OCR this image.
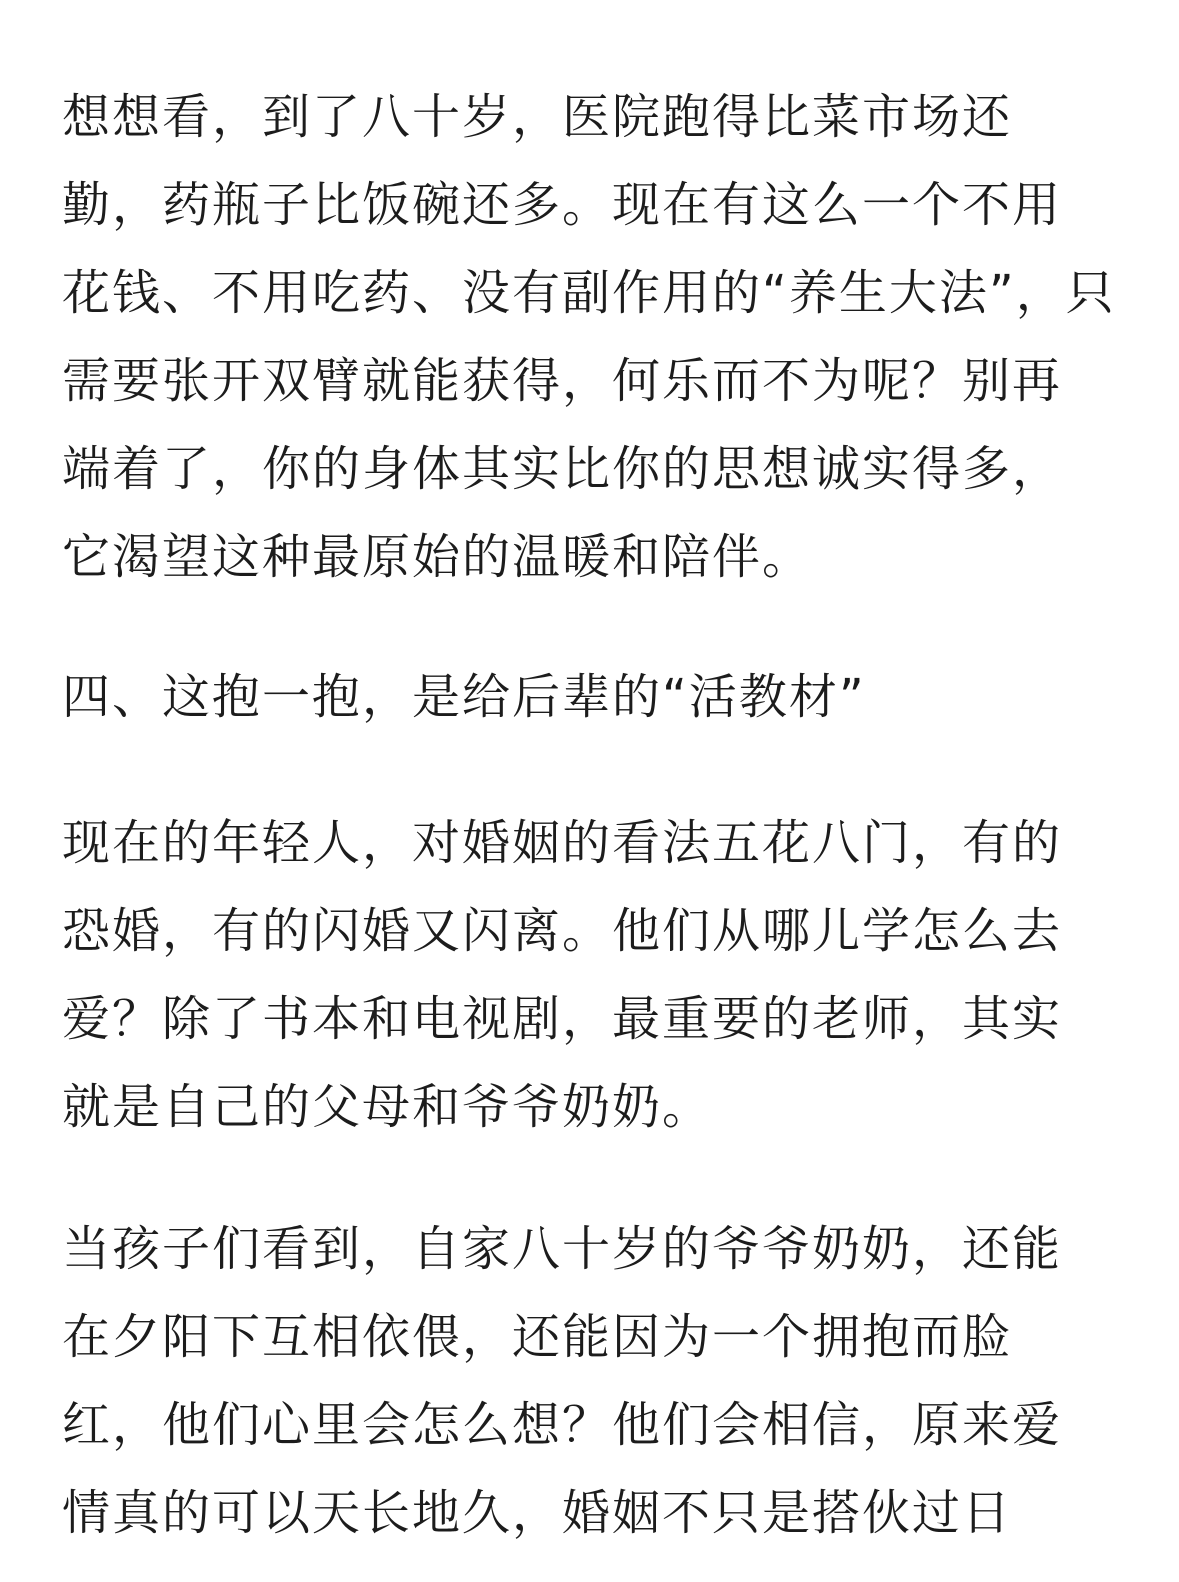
想想看，到了八十岁，医院跑得比菜市场还
勤，药瓶子比饭碗还多。现在有这么一个不用
花钱、不用吃药、没有副作用的“养生大法”，只
需要张开双臂就能获得，何乐而不为呢？别再
端着了，你的身体其实比你的思想诚实得多，
它渴望这种最原始的温暖和陪伴。
四、这抱一抱，是给后辈的“活教材”
现在的年轻人，对婚姻的看法五花八门，有的
恐婚，有的闪婚又闪离。他们从哪儿学怎么去
爱？除了书本和电视剧，最重要的老师，其实
就是自己的父母和爷爷奶奶。
当孩子们看到，自家八十岁的爷爷奶奶，还能
在夕阳下互相依偎，还能因为一个拥抱而脸
红，他们心里会怎么想？他们会相信，原来爱
情真的可以天长地久，婚姻不只是搭伙过日
